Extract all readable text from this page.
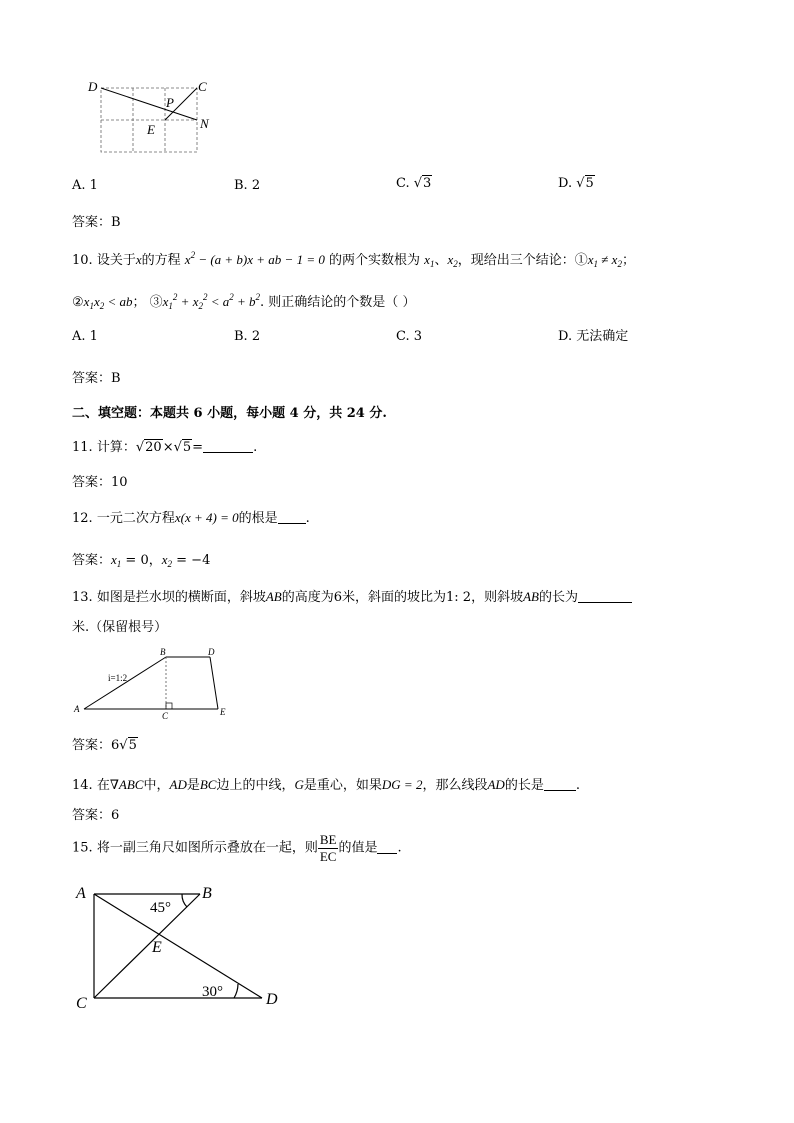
D	C
P
E	N
A. 1	B. 2	C. √3	D. √5
答案：B
10. 设关于x的方程 $x^2 - (a + b)x$ + ab − 1 = 0 的两个实数根为 $x_1$、$x_2$，现给出三个结论：$①x_1 \ne x_2$；
$②x_1x_2$ < ab； $③x_1^2 + x_2^2 < a^2 + b^2$. 则正确结论的个数是（ ）
A. 1	B. 2	C. 3	D. 无法确定
答案：B
二、填空题：本题共 6 小题，每小题 4 分，共 24 分.
11. 计算：√20×√5=	.
答案：10
12. 一元二次方程x(x + 4) = 0的根是 .
答案：$x_1 = 0$，$x_2 = -4$
13. 如图是拦水坝的横断面，斜坡AB的高度为6米，斜面的坡比为1: 2，则斜坡AB的长为
米.（保留根号）
B	D
A
C	E
i=1:2
答案：6√5
14. 在∇ABC中，AD是BC边上的中线，G是重心，如果DG = 2，那么线段AD的长是 .
答案：6
15. 将一副三角尺如图所示叠放在一起，则 $\frac{BE}{EC}$ 的值是 .
A	B
C	D
E
45°
30°
